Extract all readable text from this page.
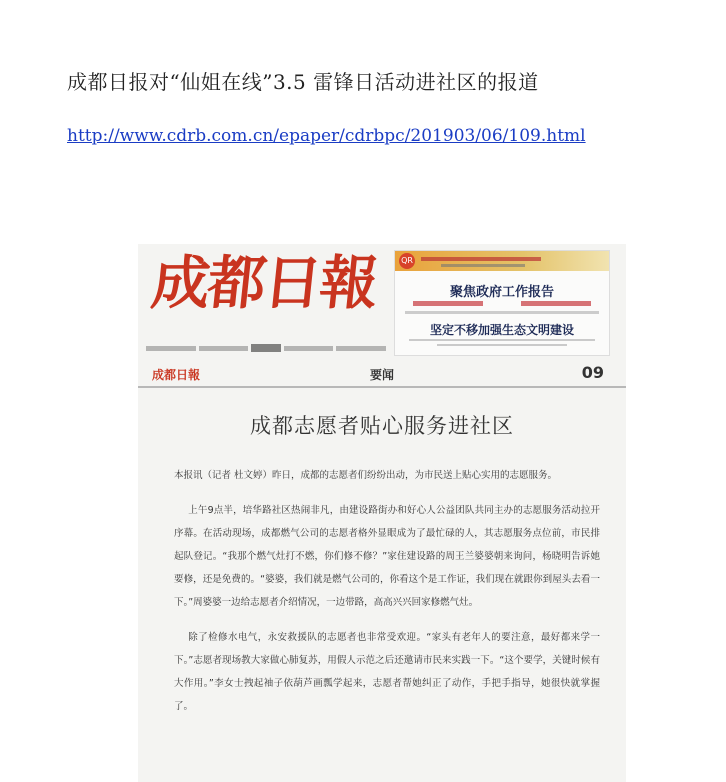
成都日报对“仙姐在线”3.5 雷锋日活动进社区的报道
http://www.cdrb.com.cn/epaper/cdrbpc/201903/06/109.html
成都日報	QR
聚焦政府工作报告
坚定不移加强生态文明建设
成都日報	要闻	09
成都志愿者贴心服务进社区

本报讯（记者 杜文婷）昨日，成都的志愿者们纷纷出动，为市民送上贴心实用的志愿服务。

上午9点半，培华路社区热闹非凡，由建设路街办和好心人公益团队共同主办的志愿服务活动拉开序幕。在活动现场，成都燃气公司的志愿者格外显眼成为了最忙碌的人，其志愿服务点位前，市民排起队登记。“我那个燃气灶打不燃，你们修不修？”家住建设路的周王兰婆婆朝来询问，杨晓明告诉她要修，还是免费的。“婆婆，我们就是燃气公司的，你看这个是工作证，我们现在就跟你到屋头去看一下。”周婆婆一边给志愿者介绍情况，一边带路，高高兴兴回家修燃气灶。

除了检修水电气，永安救援队的志愿者也非常受欢迎。“家头有老年人的要注意，最好都来学一下。”志愿者现场教大家做心肺复苏，用假人示范之后还邀请市民来实践一下。“这个要学，关键时候有大作用。”李女士拽起袖子依葫芦画瓢学起来，志愿者帮她纠正了动作，手把手指导，她很快就掌握了。
